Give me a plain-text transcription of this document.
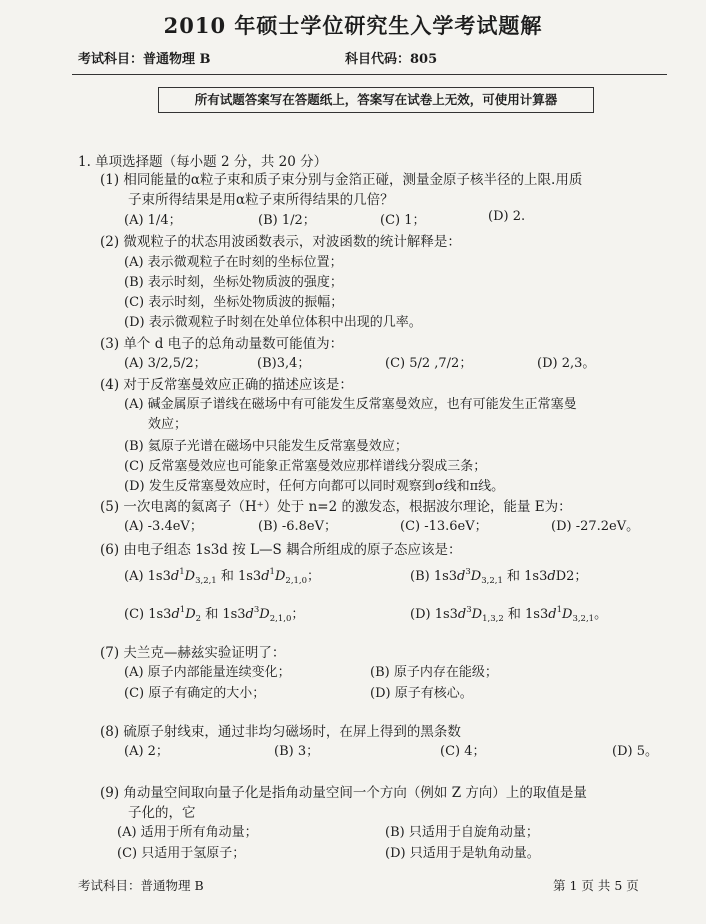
2010 年硕士学位研究生入学考试题解
考试科目：普通物理 B	科目代码：805
所有试题答案写在答题纸上，答案写在试卷上无效，可使用计算器
1. 单项选择题（每小题 2 分，共 20 分）
(1) 相同能量的α粒子束和质子束分别与金箔正碰，测量金原子核半径的上限.用质
子束所得结果是用α粒子束所得结果的几倍？
(A) 1/4；	(B) 1/2；	(C) 1；	(D) 2.
(2) 微观粒子的状态用波函数表示，对波函数的统计解释是：
(A) 表示微观粒子在时刻的坐标位置；
(B) 表示时刻，坐标处物质波的强度；
(C) 表示时刻，坐标处物质波的振幅；
(D) 表示微观粒子时刻在处单位体积中出现的几率。
(3) 单个 d 电子的总角动量数可能值为：
(A) 3/2,5/2；	(B)3,4；	(C) 5/2 ,7/2；	(D) 2,3。
(4) 对于反常塞曼效应正确的描述应该是：
(A) 碱金属原子谱线在磁场中有可能发生反常塞曼效应，也有可能发生正常塞曼
效应；
(B) 氦原子光谱在磁场中只能发生反常塞曼效应；
(C) 反常塞曼效应也可能象正常塞曼效应那样谱线分裂成三条；
(D) 发生反常塞曼效应时，任何方向都可以同时观察到σ线和π线。
(5) 一次电离的氦离子（H⁺）处于 n=2 的激发态，根据波尔理论，能量 E为：
(A) -3.4eV；	(B) -6.8eV；	(C) -13.6eV；	(D) -27.2eV。
(6) 由电子组态 1s3d 按 L—S 耦合所组成的原子态应该是：
(A) $1s3d^1D_{3,2,1}$ 和 $1s3d^1D_{2,1,0}$；	(B) $1s3d^3D_{3,2,1}$ 和 1s3dD2；
(C) $1s3d^1D_2$ 和 $1s3d^3D_{2,1,0}$；	(D) $1s3d^3D_{1,3,2}$ 和 $1s3d^1D_{3,2,1}$。
(7) 夫兰克—赫兹实验证明了：
(A) 原子内部能量连续变化；	(B) 原子内存在能级；
(C) 原子有确定的大小；	(D) 原子有核心。
(8) 硫原子射线束，通过非均匀磁场时，在屏上得到的黑条数
(A) 2；	(B) 3；	(C) 4；	(D) 5。
(9) 角动量空间取向量子化是指角动量空间一个方向（例如 Z 方向）上的取值是量
子化的，它
(A) 适用于所有角动量；	(B) 只适用于自旋角动量；
(C) 只适用于氢原子；	(D) 只适用于是轨角动量。
考试科目：普通物理 B	第 1 页 共 5 页
